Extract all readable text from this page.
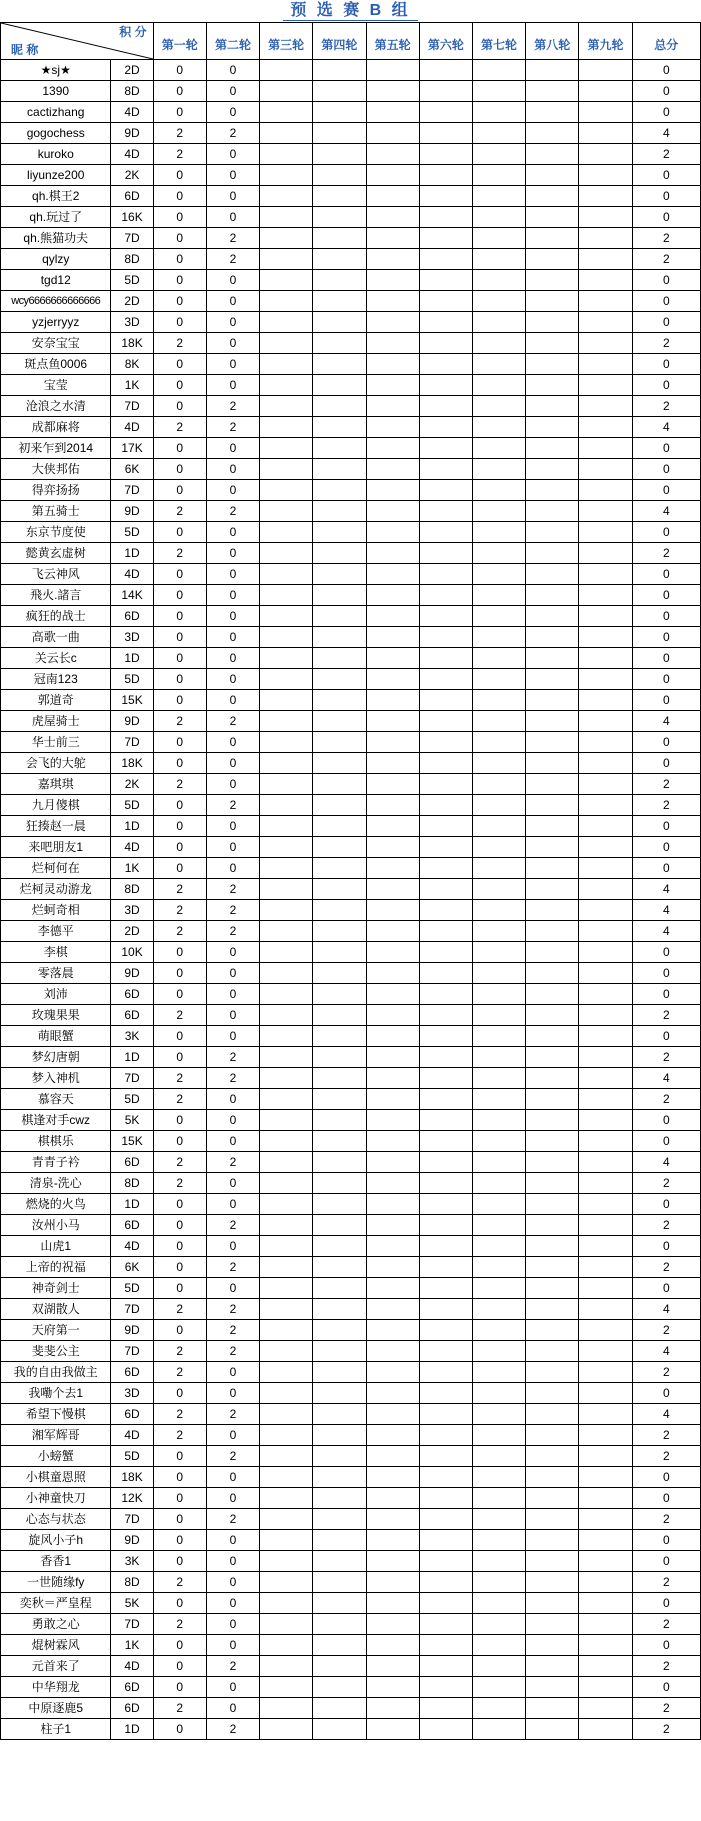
预 选 赛 B 组
积 分
昵 称		第一轮	第二轮	第三轮	第四轮	第五轮	第六轮	第七轮	第八轮	第九轮	总分
★sj★	2D	0	0								0
1390	8D	0	0								0
cactizhang	4D	0	0								0
gogochess	9D	2	2								4
kuroko	4D	2	0								2
liyunze200	2K	0	0								0
qh.棋王2	6D	0	0								0
qh.玩过了	16K	0	0								0
qh.熊猫功夫	7D	0	2								2
qylzy	8D	0	2								2
tgd12	5D	0	0								0
wcy6666666666666	2D	0	0								0
yzjerryyz	3D	0	0								0
安奈宝宝	18K	2	0								2
斑点鱼0006	8K	0	0								0
宝莹	1K	0	0								0
沧浪之水清	7D	0	2								2
成都麻将	4D	2	2								4
初来乍到2014	17K	0	0								0
大侠邦佑	6K	0	0								0
得弈扬扬	7D	0	0								0
第五骑士	9D	2	2								4
东京节度使	5D	0	0								0
懿黄玄虚树	1D	2	0								2
飞云神风	4D	0	0								0
飛火.諸言	14K	0	0								0
疯狂的战士	6D	0	0								0
高歌一曲	3D	0	0								0
关云长c	1D	0	0								0
冠南123	5D	0	0								0
郭道奇	15K	0	0								0
虎屋骑士	9D	2	2								4
华士前三	7D	0	0								0
会飞的大鸵	18K	0	0								0
嘉琪琪	2K	2	0								2
九月傻棋	5D	0	2								2
狂揍赵一晨	1D	0	0								0
来吧朋友1	4D	0	0								0
烂柯何在	1K	0	0								0
烂柯灵动游龙	8D	2	2								4
烂蚵奇相	3D	2	2								4
李德平	2D	2	2								4
李棋	10K	0	0								0
零落晨	9D	0	0								0
刘沛	6D	0	0								0
玫瑰果果	6D	2	0								2
萌眼蟹	3K	0	0								0
梦幻唐朝	1D	0	2								2
梦入神机	7D	2	2								4
慕容天	5D	2	0								2
棋逢对手cwz	5K	0	0								0
棋棋乐	15K	0	0								0
青青子衿	6D	2	2								4
清泉-洗心	8D	2	0								2
燃烧的火鸟	1D	0	0								0
汝州小马	6D	0	2								2
山虎1	4D	0	0								0
上帝的祝福	6K	0	2								2
神奇剑士	5D	0	0								0
双湖散人	7D	2	2								4
天府第一	9D	0	2								2
斐斐公主	7D	2	2								4
我的自由我做主	6D	2	0								2
我嘞个去1	3D	0	0								0
希望下慢棋	6D	2	2								4
湘军辉哥	4D	2	0								2
小螃蟹	5D	0	2								2
小棋童恩照	18K	0	0								0
小神童快刀	12K	0	0								0
心态与状态	7D	0	2								2
旋风小子h	9D	0	0								0
香香1	3K	0	0								0
一世随缘fy	8D	2	0								2
奕秋＝严皇程	5K	0	0								0
勇敢之心	7D	2	0								2
焜树霖风	1K	0	0								0
元首来了	4D	0	2								2
中华翔龙	6D	0	0								0
中原逐鹿5	6D	2	0								2
柱子1	1D	0	2								2
